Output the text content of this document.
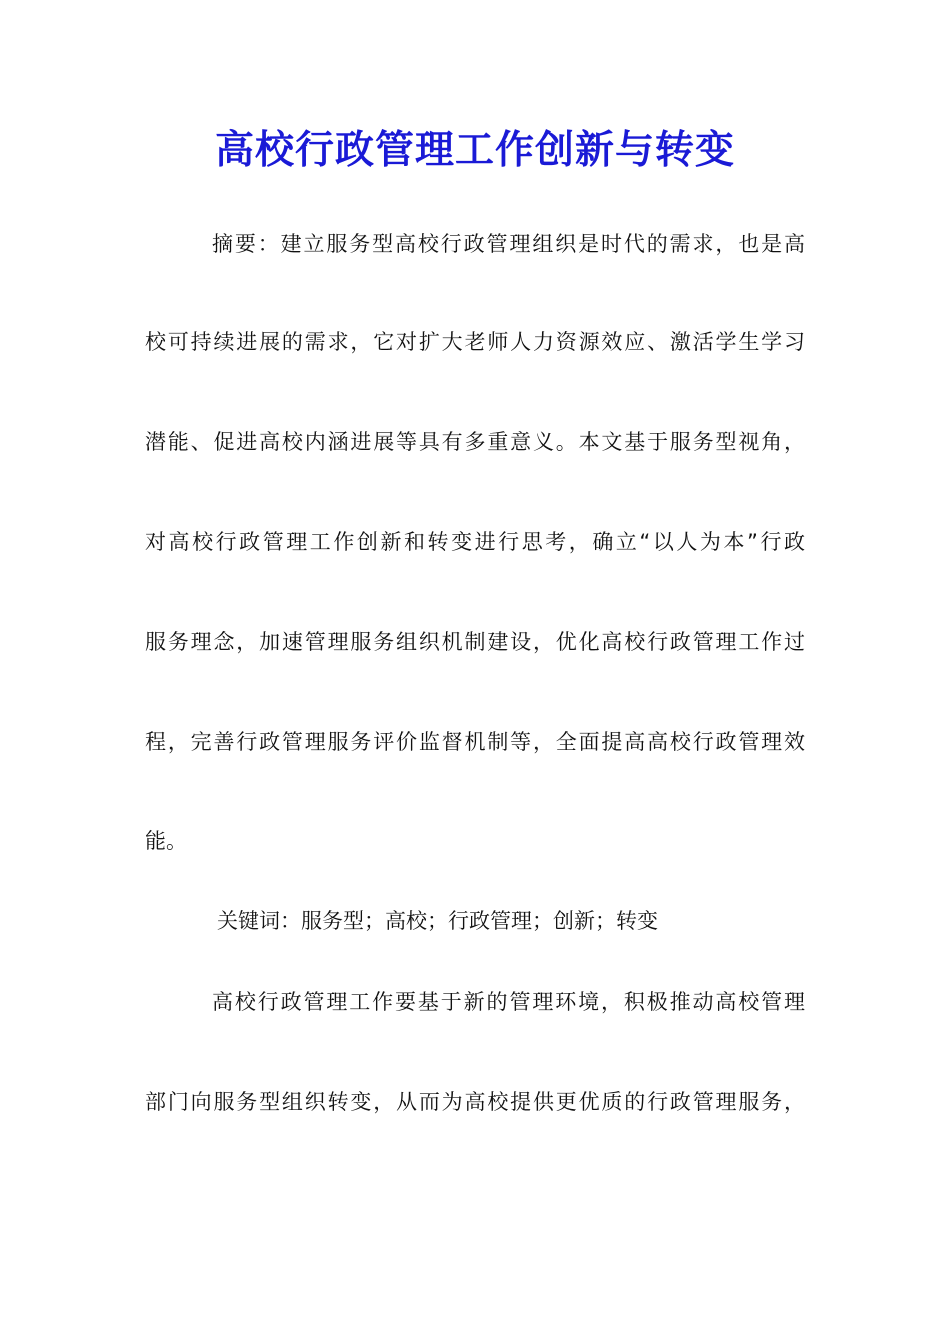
高校行政管理工作创新与转变
摘要：建立服务型高校行政管理组织是时代的需求，也是高
校可持续进展的需求，它对扩大老师人力资源效应、激活学生学习
潜能、促进高校内涵进展等具有多重意义。本文基于服务型视角，
对高校行政管理工作创新和转变进行思考，确立“以人为本”行政
服务理念，加速管理服务组织机制建设，优化高校行政管理工作过
程，完善行政管理服务评价监督机制等，全面提高高校行政管理效
能。
关键词：服务型；高校；行政管理；创新；转变
高校行政管理工作要基于新的管理环境，积极推动高校管理
部门向服务型组织转变，从而为高校提供更优质的行政管理服务，
